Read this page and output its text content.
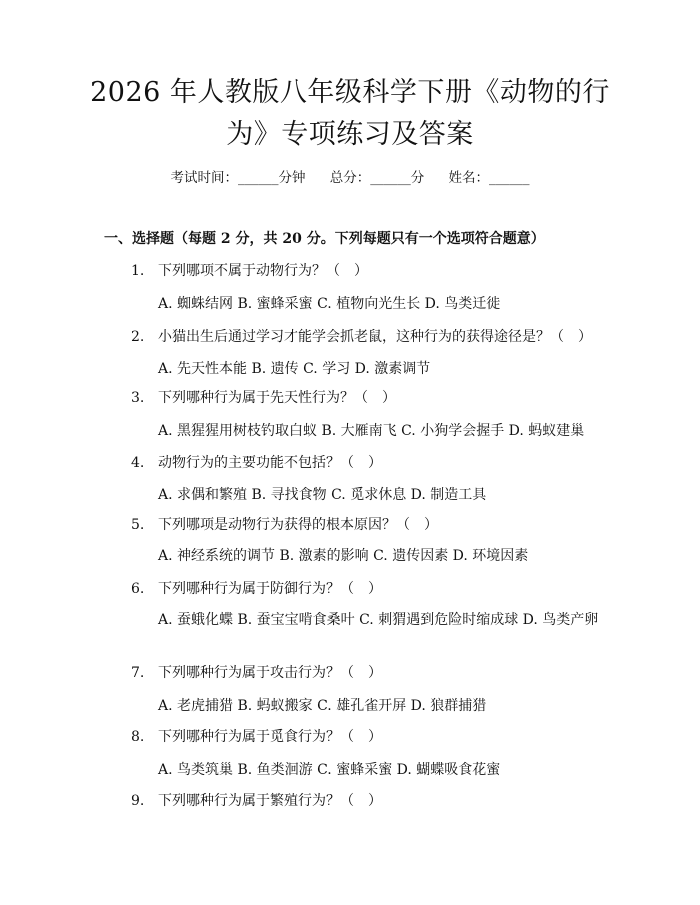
2026 年人教版八年级科学下册《动物的行为》专项练习及答案
考试时间：______分钟 总分：______分 姓名：______
一、选择题（每题 2 分，共 20 分。下列每题只有一个选项符合题意）
1. 下列哪项不属于动物行为？（　）
A. 蜘蛛结网 B. 蜜蜂采蜜 C. 植物向光生长 D. 鸟类迁徙
2. 小猫出生后通过学习才能学会抓老鼠，这种行为的获得途径是？（　）
A. 先天性本能 B. 遗传 C. 学习 D. 激素调节
3. 下列哪种行为属于先天性行为？（　）
A. 黑猩猩用树枝钓取白蚁 B. 大雁南飞 C. 小狗学会握手 D. 蚂蚁建巢
4. 动物行为的主要功能不包括？（　）
A. 求偶和繁殖 B. 寻找食物 C. 觅求休息 D. 制造工具
5. 下列哪项是动物行为获得的根本原因？（　）
A. 神经系统的调节 B. 激素的影响 C. 遗传因素 D. 环境因素
6. 下列哪种行为属于防御行为？（　）
A. 蚕蛾化蝶 B. 蚕宝宝啃食桑叶 C. 刺猬遇到危险时缩成球 D. 鸟类产卵
7. 下列哪种行为属于攻击行为？（　）
A. 老虎捕猎 B. 蚂蚁搬家 C. 雄孔雀开屏 D. 狼群捕猎
8. 下列哪种行为属于觅食行为？（　）
A. 鸟类筑巢 B. 鱼类洄游 C. 蜜蜂采蜜 D. 蝴蝶吸食花蜜
9. 下列哪种行为属于繁殖行为？（　）
